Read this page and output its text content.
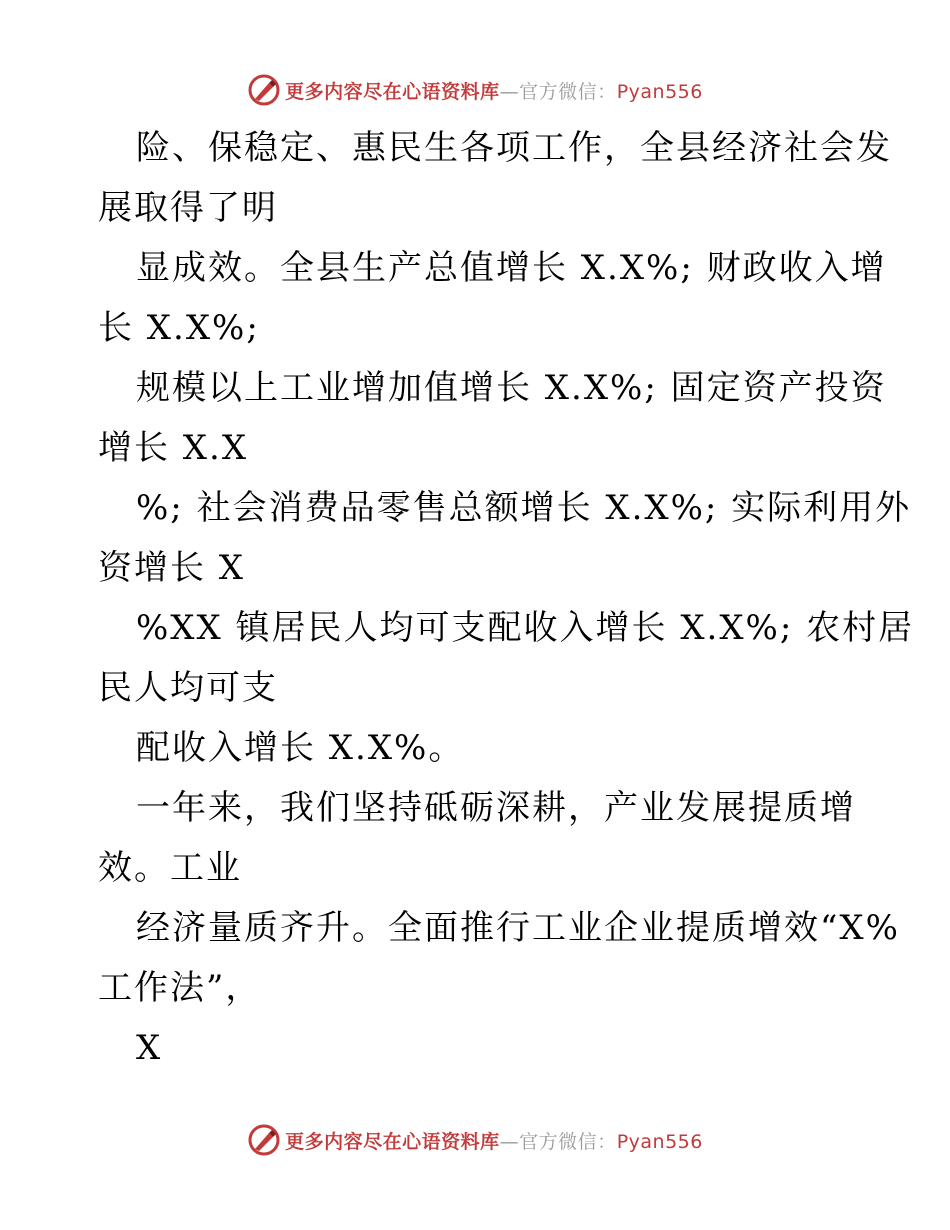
更多内容尽在心语资料库—官方微信：Pyan556
险、保稳定、惠民生各项工作，全县经济社会发
展取得了明
显成效。全县生产总值增长 X.X%; 财政收入增
长 X.X%;
规模以上工业增加值增长 X.X%; 固定资产投资
增长 X.X
%; 社会消费品零售总额增长 X.X%; 实际利用外
资增长 X
%XX 镇居民人均可支配收入增长 X.X%; 农村居
民人均可支
配收入增长 X.X%。
一年来，我们坚持砥砺深耕，产业发展提质增
效。工业
经济量质齐升。全面推行工业企业提质增效“X%
工作法”，
X
更多内容尽在心语资料库—官方微信：Pyan556
